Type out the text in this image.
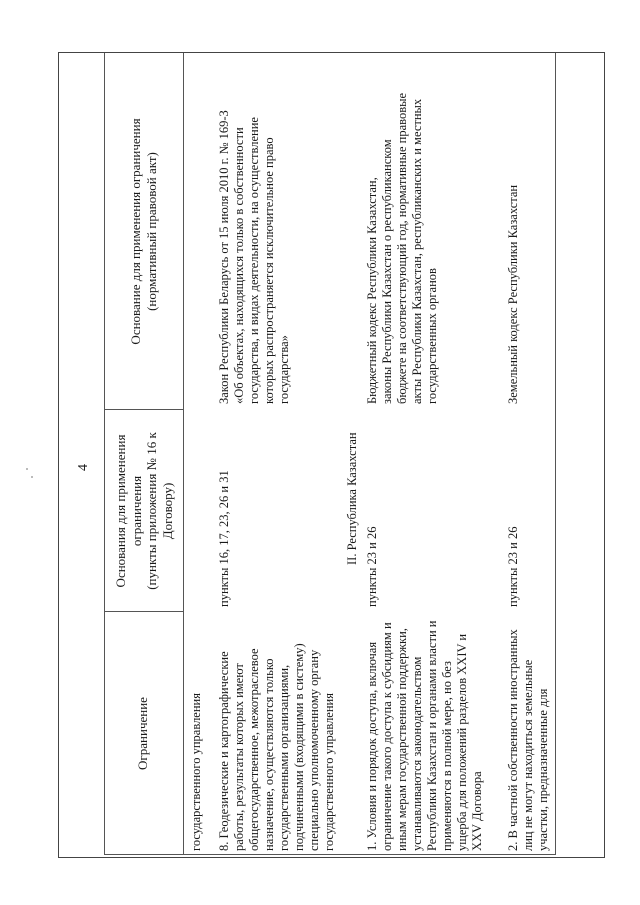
4
Ограничение
Основания для применения
ограничения
(пункты приложения № 16 к
Договору)
Основание для применения ограничения
(нормативный правовой акт)
государственного управления 8. Геодезические и картографические
работы, результаты которых имеют
общегосударственное, межотраслевое
назначение, осуществляются только
государственными организациями,
подчиненными (входящими в систему)
специально уполномоченному органу
государственного управления
пункты 16, 17, 23, 26 и 31
Закон Республики Беларусь от 15 июля 2010 г. № 169-З
«Об объектах, находящихся только в собственности
государства, и видах деятельности, на осуществление
которых распространяется исключительное право
государства»
II. Республика Казахстан
1. Условия и порядок доступа, включая
ограничение такого доступа к субсидиям и
иным мерам государственной поддержки,
устанавливаются законодательством
Республики Казахстан и органами власти и
применяются в полной мере, но без
ущерба для положений разделов XXIV и
XXV Договора
пункты 23 и 26
Бюджетный кодекс Республики Казахстан,
законы Республики Казахстан о республиканском
бюджете на соответствующий год, нормативные правовые
акты Республики Казахстан, республиканских и местных
государственных органов
2. В частной собственности иностранных
лиц не могут находиться земельные
участки, предназначенные для
пункты 23 и 26
Земельный кодекс Республики Казахстан
